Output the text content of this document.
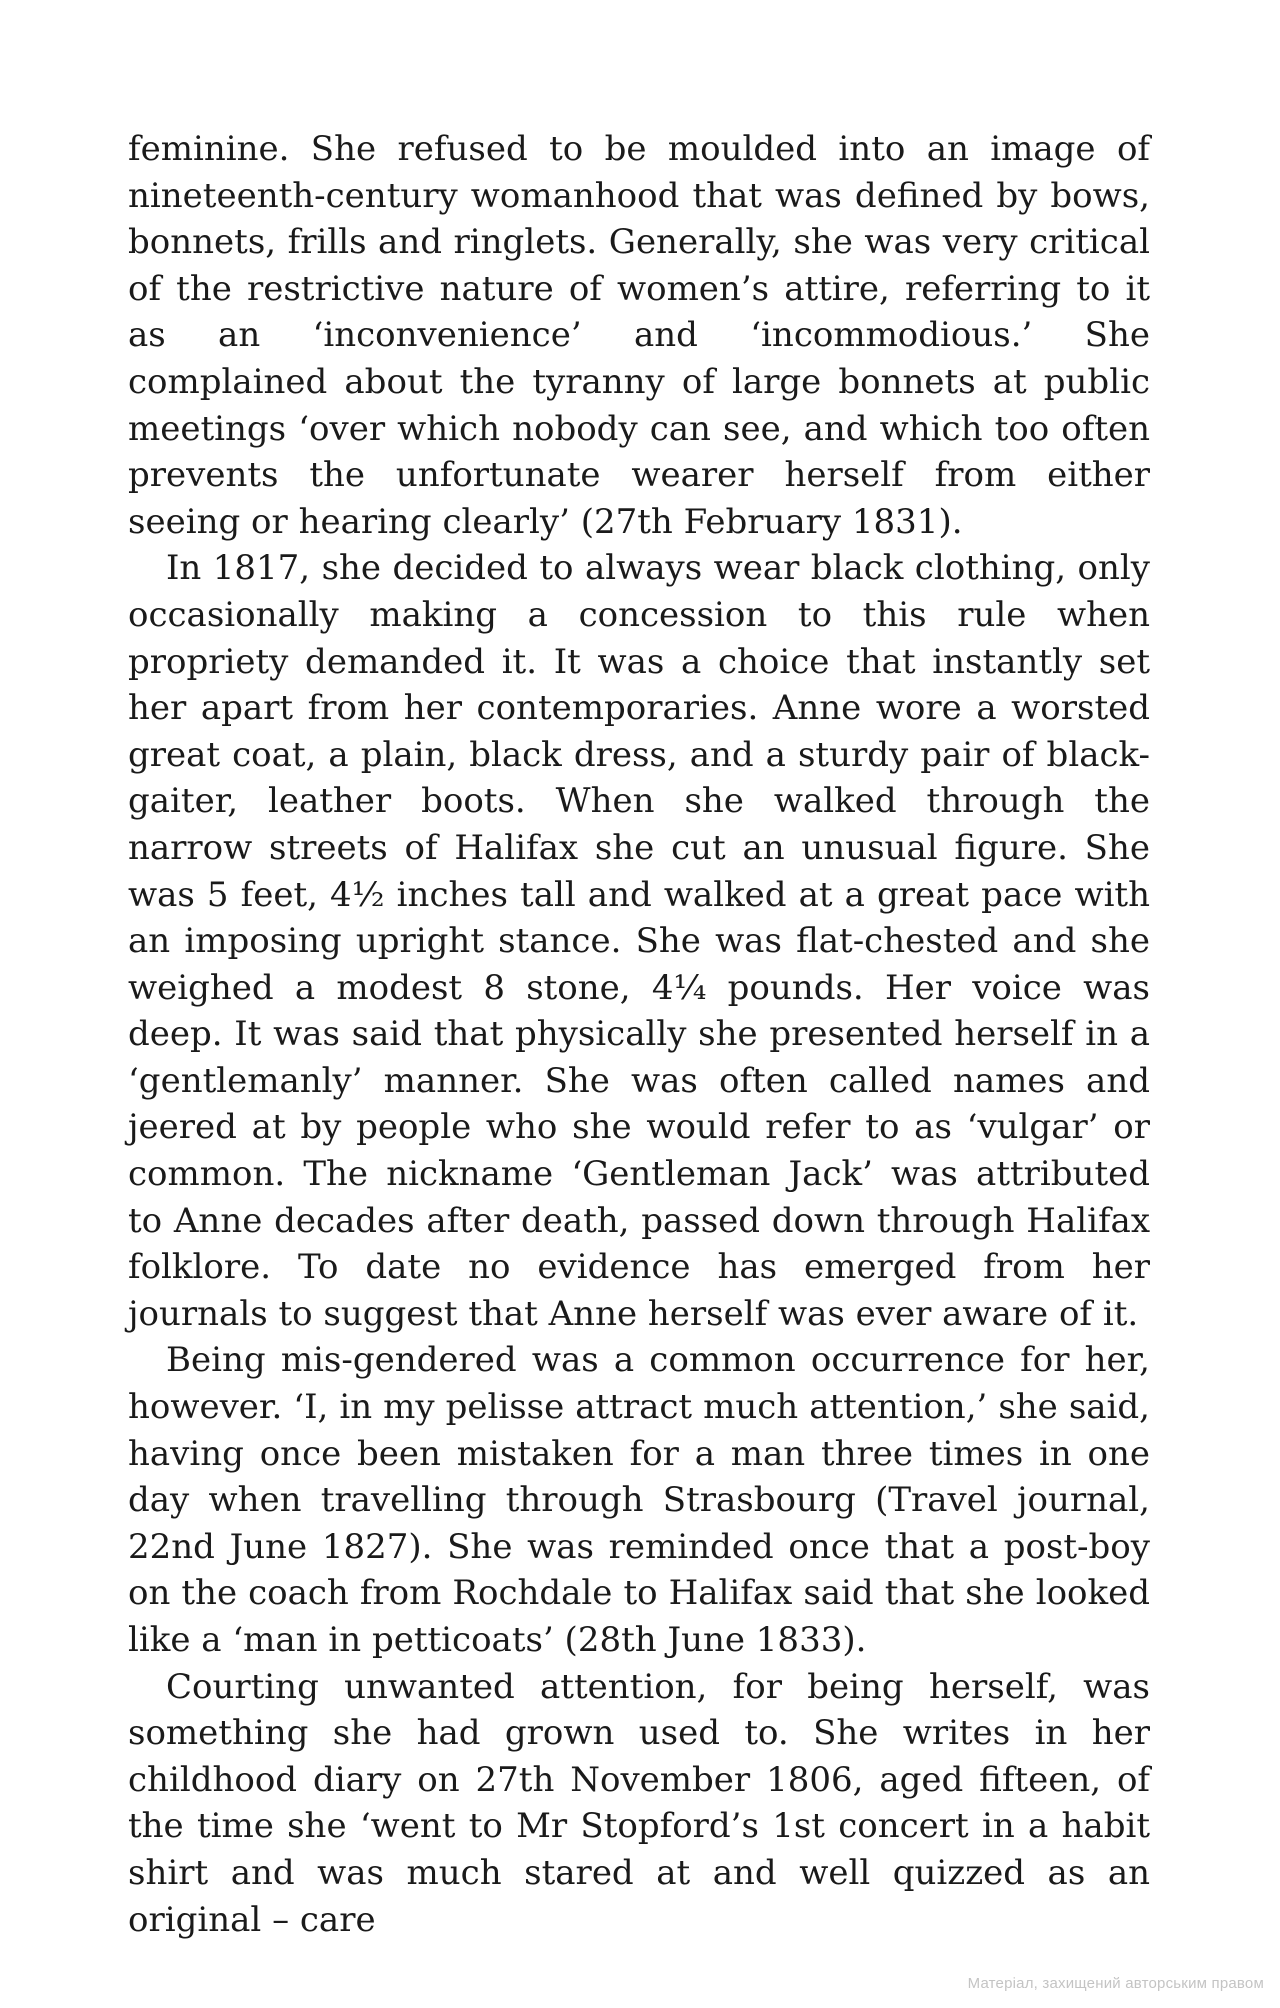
feminine. She refused to be moulded into an image of nineteenth-century womanhood that was defined by bows, bonnets, frills and ringlets. Generally, she was very critical of the restrictive nature of women’s attire, referring to it as an ‘inconvenience’ and ‘incommodious.’ She complained about the tyranny of large bonnets at public meetings ‘over which nobody can see, and which too often prevents the unfortunate wearer herself from either seeing or hearing clearly’ (27th February 1831).

In 1817, she decided to always wear black clothing, only occasionally making a concession to this rule when propriety demanded it. It was a choice that instantly set her apart from her contemporaries. Anne wore a worsted great coat, a plain, black dress, and a sturdy pair of black-gaiter, leather boots. When she walked through the narrow streets of Halifax she cut an unusual figure. She was 5 feet, 4½ inches tall and walked at a great pace with an imposing upright stance. She was flat-chested and she weighed a modest 8 stone, 4¼ pounds. Her voice was deep. It was said that physically she presented herself in a ‘gentlemanly’ manner. She was often called names and jeered at by people who she would refer to as ‘vulgar’ or common. The nickname ‘Gentleman Jack’ was attributed to Anne decades after death, passed down through Halifax folklore. To date no evidence has emerged from her journals to suggest that Anne herself was ever aware of it.

Being mis-gendered was a common occurrence for her, however. ‘I, in my pelisse attract much attention,’ she said, having once been mistaken for a man three times in one day when travelling through Strasbourg (Travel journal, 22nd June 1827). She was reminded once that a post-boy on the coach from Rochdale to Halifax said that she looked like a ‘man in petticoats’ (28th June 1833).

Courting unwanted attention, for being herself, was something she had grown used to. She writes in her childhood diary on 27th November 1806, aged fifteen, of the time she ‘went to Mr Stopford’s 1st concert in a habit shirt and was much stared at and well quizzed as an original – care

Матеріал, захищений авторським правом
